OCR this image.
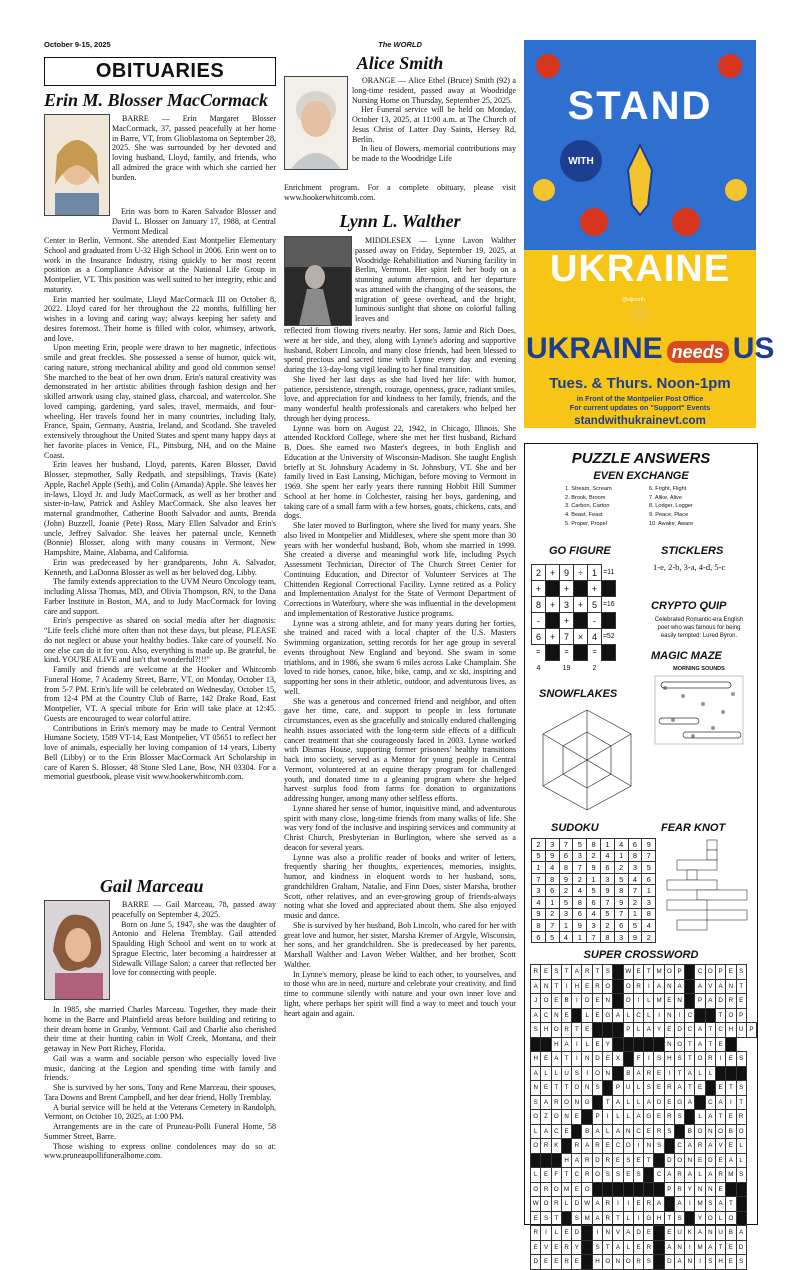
October 9-15, 2025	The WORLD
OBITUARIES
Erin M. Blosser MacCormack

BARRE — Erin Margaret Blosser MacCormack, 37, passed peacefully at her home in Barre, VT, from Glioblastoma on September 28, 2025. She was surrounded by her devoted and loving husband, Lloyd, family, and friends, who all admired the grace with which she carried her burden.

Erin was born to Karen Salvador Blosser and David L. Blosser on January 17, 1988, at Central Vermont Medical

Center in Berlin, Vermont. She attended East Montpelier Elementary School and graduated from U-32 High School in 2006. Erin went on to work in the Insurance Industry, rising quickly to her most recent position as a Compliance Advisor at the National Life Group in Montpelier, VT. This position was well suited to her integrity, ethic and maturity.

Erin married her soulmate, Lloyd MacCormack III on October 8, 2022. Lloyd cared for her throughout the 22 months, fulfilling her wishes in a loving and caring way; always keeping her safety and desires foremost. Their home is filled with color, whimsey, artwork, and love.

Upon meeting Erin, people were drawn to her magnetic, infectious smile and great freckles. She possessed a sense of humor, quick wit, caring nature, strong mechanical ability and good old common sense! She marched to the beat of her own drum. Erin's natural creativity was demonstrated in her artistic abilities through fashion design and her skilled artwork using clay, stained glass, charcoal, and watercolor. She loved camping, gardening, yard sales, travel, mermaids, and four-wheeling. Her travels found her in many countries, including Italy, France, Spain, Germany, Austria, Ireland, and Scotland. She traveled extensively throughout the United States and spent many happy days at her favorite places in Venice, FL, Pittsburg, NH, and on the Maine Coast.

Erin leaves her husband, Lloyd, parents, Karen Blosser, David Blosser, stepmother, Sally Redpath, and stepsiblings, Travis (Kate) Apple, Rachel Apple (Seth), and Colin (Amanda) Apple. She leaves her in-laws, Lloyd Jr. and Judy MacCormack, as well as her brother and sister-in-law, Patrick and Ashley MacCormack. She also leaves her maternal grandmother, Catherine Booth Salvador and aunts, Brenda (John) Buzzell, Joanie (Pete) Ross, Mary Ellen Salvador and Erin's uncle, Jeffrey Salvador. She leaves her paternal uncle, Kenneth (Bonnie) Blosser, along with many cousins in Vermont, New Hampshire, Maine, Alabama, and California.

Erin was predeceased by her grandparents, John A. Salvador, Kenneth, and LaDonna Blosser as well as her beloved dog, Libby.

The family extends appreciation to the UVM Neuro Oncology team, including Alissa Thomas, MD, and Olivia Thompson, RN, to the Dana Farber Institute in Boston, MA, and to Judy MacCormack for loving care and support.

Erin's perspective as shared on social media after her diagnosis: “Life feels cliché more often than not these days, but please, PLEASE do not neglect or abuse your healthy bodies. Take care of yourself. No one else can do it for you. Also, everything is made up. Be grateful, be kind. YOU'RE ALIVE and isn't that wonderful?!!!”

Family and friends are welcome at the Hooker and Whitcomb Funeral Home, 7 Academy Street, Barre, VT, on Monday, October 13, from 5-7 PM. Erin's life will be celebrated on Wednesday, October 15, from 12-4 PM at the Country Club of Barre, 142 Drake Road, East Montpelier, VT. A special tribute for Erin will take place at 12:45. Guests are encouraged to wear colorful attire.

Contributions in Erin's memory may be made to Central Vermont Humane Society, 1589 VT-14, East Montpelier, VT 05651 to reflect her love of animals, especially her loving companion of 14 years, Liberty Bell (Libby) or to the Erin Blosser MacCormack Art Scholarship in care of Karen S. Blosser, 48 Stone Sled Lane, Bow, NH 03304. For a memorial guestbook, please visit www.hookerwhitcomb.com.

Gail Marceau

BARRE — Gail Marceau, 78, passed away peacefully on September 4, 2025.

Born on June 5, 1947, she was the daughter of Antonio and Helena Tremblay. Gail attended Spaulding High School and went on to work at Sprague Electric, later becoming a hairdresser at Sidewalk Village Salon; a career that reflected her love for connecting with people.

In 1985, she married Charles Marceau. Together, they made their home in the Barre and Plainfield areas before building and retiring to their dream home in Granby, Vermont. Gail and Charlie also cherished their time at their hunting cabin in Wolf Creek, Montana, and their getaway in New Port Richey, Florida.

Gail was a warm and sociable person who especially loved live music, dancing at the Legion and spending time with family and friends.

She is survived by her sons, Tony and Rene Marceau, their spouses, Tara Downs and Brent Campbell, and her dear friend, Holly Tremblay.

A burial service will be held at the Veterans Cemetery in Randolph, Vermont, on October 10, 2025, at 1:00 PM.

Arrangements are in the care of Pruneau-Polli Funeral Home, 58 Summer Street, Barre.

Those wishing to express online condolences may do so at: www.pruneaupollifuneralhome.com.

Alice Smith

ORANGE — Alice Ethel (Bruce) Smith (92) a long-time resident, passed away at Woodridge Nursing Home on Thursday, September 25, 2025.

Her Funeral service will be held on Monday, October 13, 2025, at 11:00 a.m. at The Church of Jesus Christ of Latter Day Saints, Hersey Rd, Berlin.

In lieu of flowers, memorial contributions may be made to the Woodridge Life

Enrichment program. For a complete obituary, please visit www.hookerwhitcomb.com.

Lynn L. Walther

MIDDLESEX — Lynne Lavon Walther passed away on Friday, September 19, 2025, at Woodridge Rehabilitation and Nursing facility in Berlin, Vermont. Her spirit left her body on a stunning autumn afternoon, and her departure was attuned with the changing of the seasons, the migration of geese overhead, and the bright, luminous sunlight that shone on colorful falling leaves and

reflected from flowing rivers nearby. Her sons, Jamie and Rich Does, were at her side, and they, along with Lynne's adoring and supportive husband, Robert Lincoln, and many close friends, had been blessed to spend precious and sacred time with Lynne every day and evening during the 13-day-long vigil leading to her final transition.

She lived her last days as she had lived her life: with humor, patience, persistence, strength, courage, openness, grace, radiant smiles, love, and appreciation for and kindness to her family, friends, and the many wonderful health professionals and caretakers who helped her through her dying process.

Lynne was born on August 22, 1942, in Chicago, Illinois. She attended Rockford College, where she met her first husband, Richard B. Does. She earned two Master's degrees, in both English and Education at the University of Wisconsin-Madison. She taught English briefly at St. Johnsbury Academy in St. Johnsbury, VT. She and her family lived in East Lansing, Michigan, before moving to Vermont in 1969. She spent her early years there running Hobbit Hill Summer School at her home in Colchester, raising her boys, gardening, and taking care of a small farm with a few horses, goats, chickens, cats, and dogs.

She later moved to Burlington, where she lived for many years. She also lived in Montpelier and Middlesex, where she spent more than 30 years with her wonderful husband, Bob, whom she married in 1999. She created a diverse and meaningful work life, including Psych Assessment Technician, Director of The Church Street Center for Continuing Education, and Director of Volunteer Services at The Chittenden Regional Correctional Facility. Lynne retired as a Policy and Implementation Analyst for the State of Vermont Department of Corrections in Waterbury, where she was influential in the development and implementation of Restorative Justice programs.

Lynne was a strong athlete, and for many years during her forties, she trained and raced with a local chapter of the U.S. Masters Swimming organization, setting records for her age group in several events throughout New England and beyond. She swam in some triathlons, and in 1986, she swam 6 miles across Lake Champlain. She loved to ride horses, canoe, hike, bike, camp, and xc ski, inspiring and supporting her sons in their athletic, outdoor, and adventurous lives, as well.

She was a generous and concerned friend and neighbor, and often gave her time, care, and support to people in less fortunate circumstances, even as she gracefully and stoically endured challenging health issues associated with the long-term side effects of a difficult cancer treatment that she courageously faced in 2003. Lynne worked with Dismas House, supporting former prisoners' healthy transitions back into society, served as a Mentor for young people in Central Vermont, volunteered at an equine therapy program for challenged youth, and donated time to a gleaning program where she helped harvest surplus food from farms for donation to organizations addressing hunger, among many other selfless efforts.

Lynne shared her sense of humor, inquisitive mind, and adventurous spirit with many close, long-time friends from many walks of life. She was very fond of the inclusive and inspiring services and community at Christ Church, Presbyterian in Burlington, where she served as a deacon for several years.

Lynne was also a prolific reader of books and writer of letters, frequently sharing her thoughts, experiences, memories, insights, humor, and kindness in eloquent words to her husband, sons, grandchildren Graham, Natalie, and Finn Does, sister Marsha, brother Scott, other relatives, and an ever-growing group of friends-always noting what she loved and appreciated about them. She also enjoyed music and dance.

She is survived by her husband, Bob Lincoln, who cared for her with great love and humor, her sister, Marsha Kremer of Argyle, Wisconsin, her sons, and her grandchildren. She is predeceased by her parents, Marshall Walther and Lavon Weber Walther, and her brother, Scott Walther.

In Lynne's memory, please be kind to each other, to yourselves, and to those who are in need, nurture and celebrate your creativity, and find time to commune silently with nature and your own inner love and light, where perhaps her spirit will find a way to meet and touch your heart again and again.

STAND
WITH
UKRAINE
@vlgnorth
UKRAINE needs US
Tues. & Thurs. Noon-1pm
in Front of the Montpelier Post Office
For current updates on "Support" Events
standwithukrainevt.com
PUZZLE ANSWERS
EVEN EXCHANGE
1. Stream, Scream
2. Brook, Broom
3. Carbon, Carton
4. Beast, Feast
5. Proper, Propel
6. Fright, Flight
7. Alike, Alive
8. Lodger, Logger
9. Peace, Place
10. Awake, Aware
GO FIGURE
2	+	9	÷	1	=11
+		+		+	
8	+	3	+	5	=16
-		+		-	
6	+	7	×	4	=52
=		=		=	
4		19		2	
STICKLERS
1-e, 2-b, 3-a, 4-d, 5-c
CRYPTO QUIP
Celebrated Romantic-era English poet who was famous for being easily tempted: Lured Byron.
MAGIC MAZE
MORNING SOUNDS
SNOWFLAKES
SUDOKU
2	3	7	5	8	1	4	6	9
5	9	6	3	2	4	1	8	7
1	4	8	7	9	6	2	3	5
7	8	9	2	1	3	5	4	6
3	6	2	4	5	9	8	7	1
4	1	5	8	6	7	9	2	3
9	2	3	6	4	5	7	1	8
8	7	1	9	3	2	6	5	4
6	5	4	1	7	8	3	9	2
FEAR KNOT
SUPER CROSSWORD
R	E	S	T	A	R	T	S		W	E	T	M	O	P		C	O	P	E	S	
A	N	T	I	H	E	R	O		O	R	I	A	N	A		A	V	A	N	T	
J	O	E	B	I	D	E	N		O	I	L	M	E	N		P	A	D	R	E	
A	C	N	E		L	E	G	A	L	C	L	I	N	I	C			T	O	P	
S	H	O	R	T	E				P	L	A	Y	E	D	C	A	T	C	H	U	P
		H	A	I	L	E	Y						N	O	T	A	T	E			
H	E	A	T	I	N	D	E	X		F	I	S	H	S	T	O	R	I	E	S	
A	L	L	U	S	I	O	N		B	A	R	E	I	T	A	L	L				
N	E	T	T	O	N	S		P	U	L	S	E	R	A	T	E		E	T	S	
S	A	R	O	N	G		T	A	L	L	A	D	E	G	A		C	A	I	T	
O	Z	O	N	E		P	I	L	L	A	G	E	R	S		L	A	T	E	R	
L	A	C	E		B	A	L	A	N	C	E	R	S		B	O	N	O	B	O	
O	R	K		R	A	R	E	C	O	I	N	S		C	A	R	A	V	E	L	
			H	A	R	D	R	E	S	E	T		D	O	N	E	D	E	A	L	
L	E	F	T	C	R	O	S	S	E	S		C	A	R	A	L	A	R	M	S	
O	R	O	M	E	O								P	R	Y	N	N	E			
W	O	R	L	D	W	A	R	I	I	E	R	A		A	I	M	S	A	T		
E	S	T		S	M	A	R	T	L	I	G	H	T	S		Y	O	L	O		
R	I	L	E	D		I	N	V	A	D	E		E	U	K	A	N	U	B	A	
E	V	E	R	Y		S	T	A	L	E	R		A	N	I	M	A	T	E	D	
D	E	E	R	E		H	O	N	O	R	S		D	A	N	I	S	H	E	S	
